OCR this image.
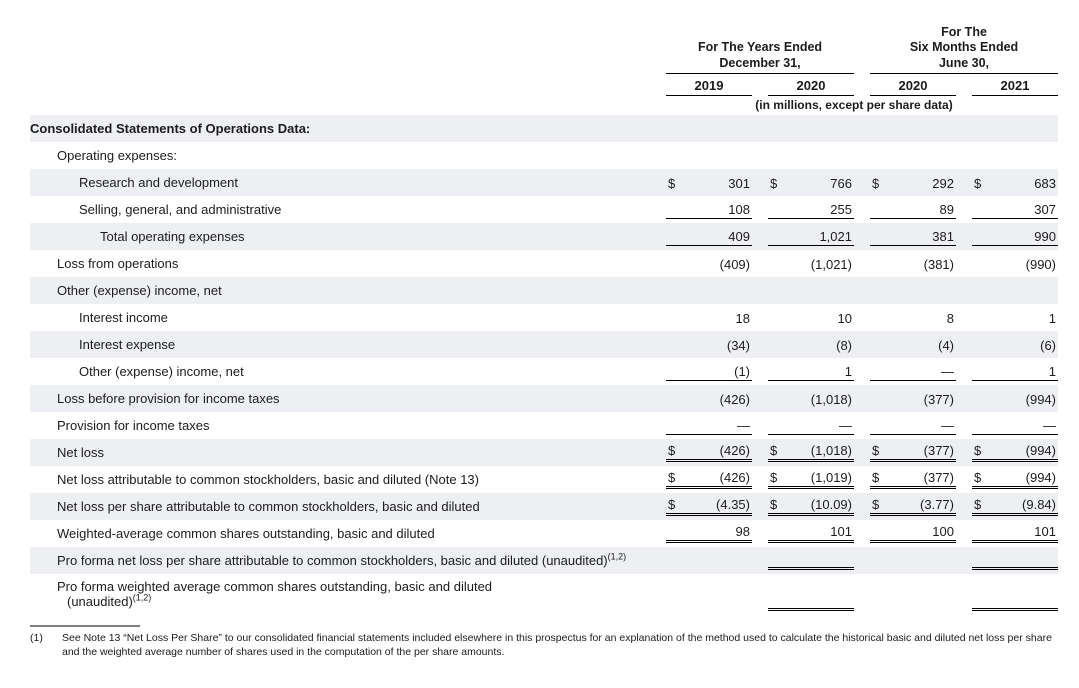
For The Years Ended
December 31,

For The
Six Months Ended
June 30,

	2019	2020	2020	2021

	(in millions, except per share data)			
Consolidated Statements of Operations Data:	

Operating expenses:	

Research and development	$ 301	$ 766	$ 292	$ 683

Selling, general, and administrative	108	255	89	307

Total operating expenses	409	1,021	381	990

Loss from operations	(409)	(1,021)	(381)	(990)

Other (expense) income, net	

Interest income	18	10	8	1

Interest expense	(34)	(8)	(4)	(6)

Other (expense) income, net	(1)	1	—	1

Loss before provision for income taxes	(426)	(1,018)	(377)	(994)

Provision for income taxes	—	—	—	—

Net loss	$ (426)	$ (1,018)	$ (377)	$ (994)

Net loss attributable to common stockholders, basic and diluted (Note 13)	$ (426)	$ (1,019)	$ (377)	$ (994)

Net loss per share attributable to common stockholders, basic and diluted	$ (4.35)	$ (10.09)	$ (3.77)	$ (9.84)

Weighted-average common shares outstanding, basic and diluted	98	101	100	101

Pro forma net loss per share attributable to common stockholders, basic and diluted (unaudited)$^{(1,2)}$	

Pro forma weighted average common shares outstanding, basic and diluted
(unaudited)$^{(1,2)}$

(1)	See Note 13 “Net Loss Per Share” to our consolidated financial statements included elsewhere in this prospectus for an explanation of the method used to calculate the historical basic and diluted net loss per share and the weighted average number of shares used in the computation of the per share amounts.
